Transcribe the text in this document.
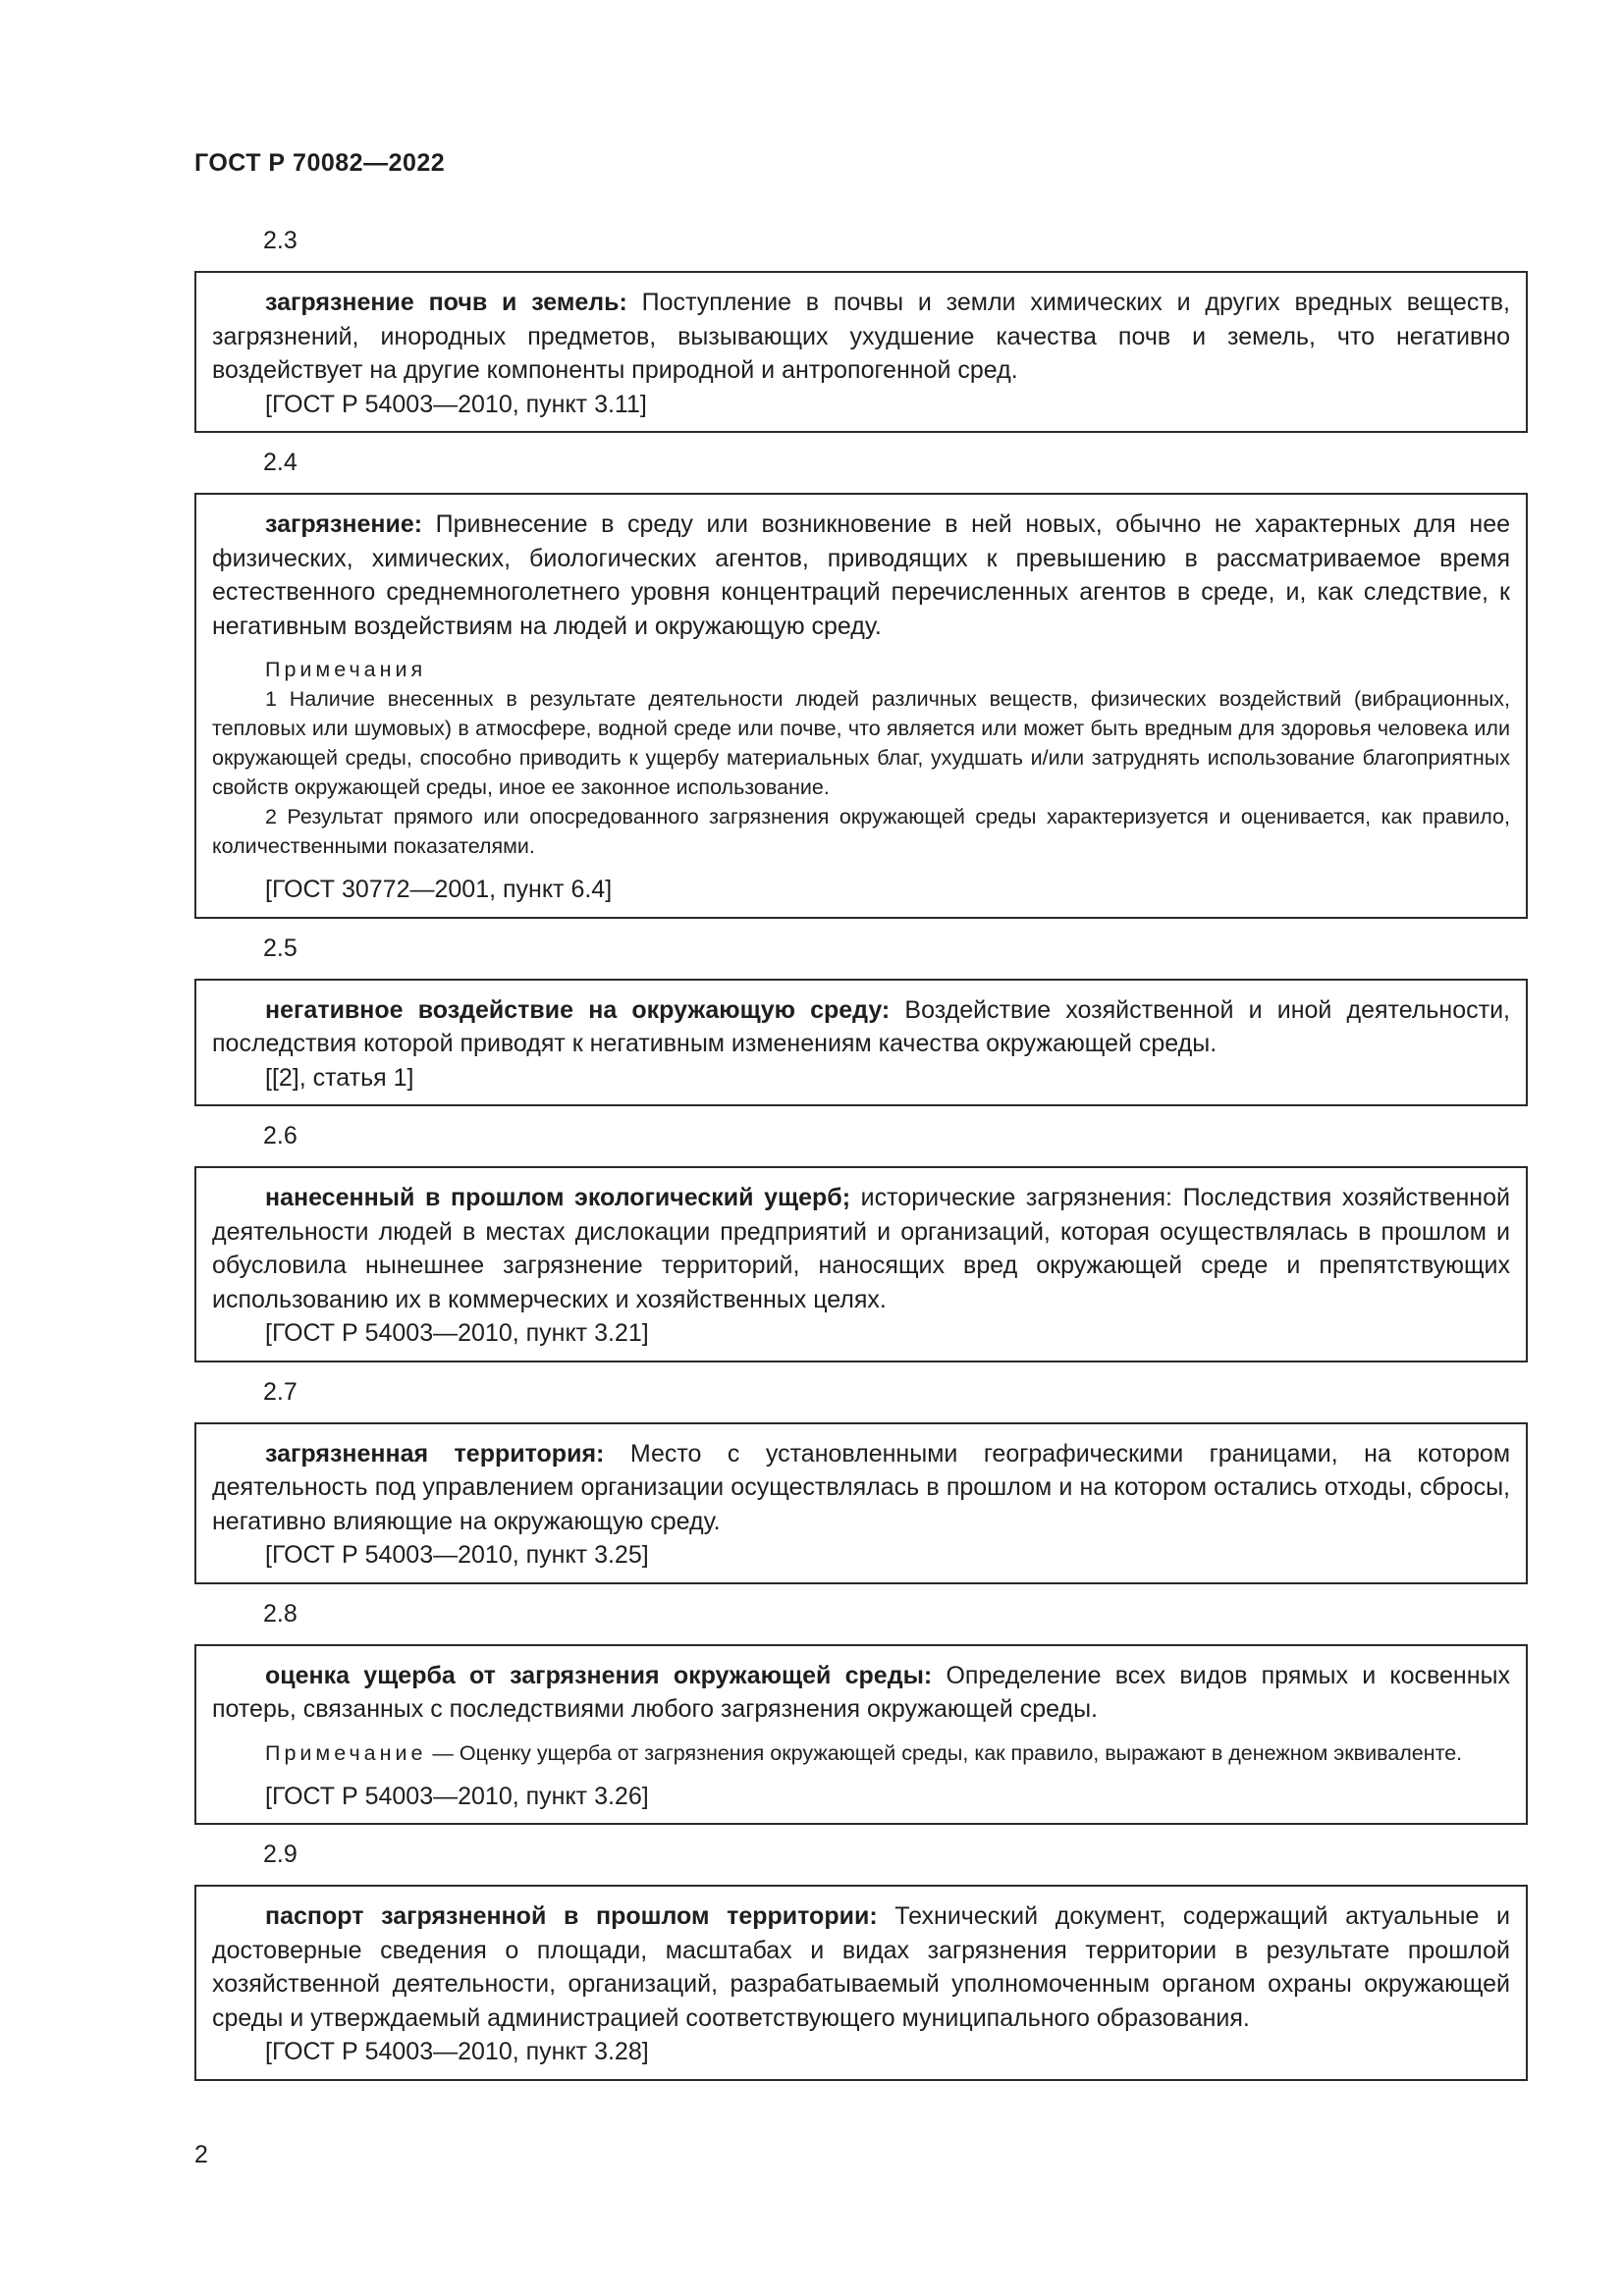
ГОСТ Р 70082—2022
2.3

загрязнение почв и земель: Поступление в почвы и земли химических и других вредных веществ, загрязнений, инородных предметов, вызывающих ухудшение качества почв и земель, что негативно воздействует на другие компоненты природной и антропогенной сред.

[ГОСТ Р 54003—2010, пункт 3.11]

2.4

загрязнение: Привнесение в среду или возникновение в ней новых, обычно не характерных для нее физических, химических, биологических агентов, приводящих к превышению в рассматриваемое время естественного среднемноголетнего уровня концентраций перечисленных агентов в среде, и, как следствие, к негативным воздействиям на людей и окружающую среду.

Примечания

1 Наличие внесенных в результате деятельности людей различных веществ, физических воздействий (вибрационных, тепловых или шумовых) в атмосфере, водной среде или почве, что является или может быть вредным для здоровья человека или окружающей среды, способно приводить к ущербу материальных благ, ухудшать и/или затруднять использование благоприятных свойств окружающей среды, иное ее законное использование.

2 Результат прямого или опосредованного загрязнения окружающей среды характеризуется и оценивается, как правило, количественными показателями.

[ГОСТ 30772—2001, пункт 6.4]

2.5

негативное воздействие на окружающую среду: Воздействие хозяйственной и иной деятельности, последствия которой приводят к негативным изменениям качества окружающей среды.

[[2], статья 1]

2.6

нанесенный в прошлом экологический ущерб; исторические загрязнения: Последствия хозяйственной деятельности людей в местах дислокации предприятий и организаций, которая осуществлялась в прошлом и обусловила нынешнее загрязнение территорий, наносящих вред окружающей среде и препятствующих использованию их в коммерческих и хозяйственных целях.

[ГОСТ Р 54003—2010, пункт 3.21]

2.7

загрязненная территория: Место с установленными географическими границами, на котором деятельность под управлением организации осуществлялась в прошлом и на котором остались отходы, сбросы, негативно влияющие на окружающую среду.

[ГОСТ Р 54003—2010, пункт 3.25]

2.8

оценка ущерба от загрязнения окружающей среды: Определение всех видов прямых и косвенных потерь, связанных с последствиями любого загрязнения окружающей среды.

Примечание — Оценку ущерба от загрязнения окружающей среды, как правило, выражают в денежном эквиваленте.

[ГОСТ Р 54003—2010, пункт 3.26]

2.9

паспорт загрязненной в прошлом территории: Технический документ, содержащий актуальные и достоверные сведения о площади, масштабах и видах загрязнения территории в результате прошлой хозяйственной деятельности, организаций, разрабатываемый уполномоченным органом охраны окружающей среды и утверждаемый администрацией соответствующего муниципального образования.

[ГОСТ Р 54003—2010, пункт 3.28]

2
